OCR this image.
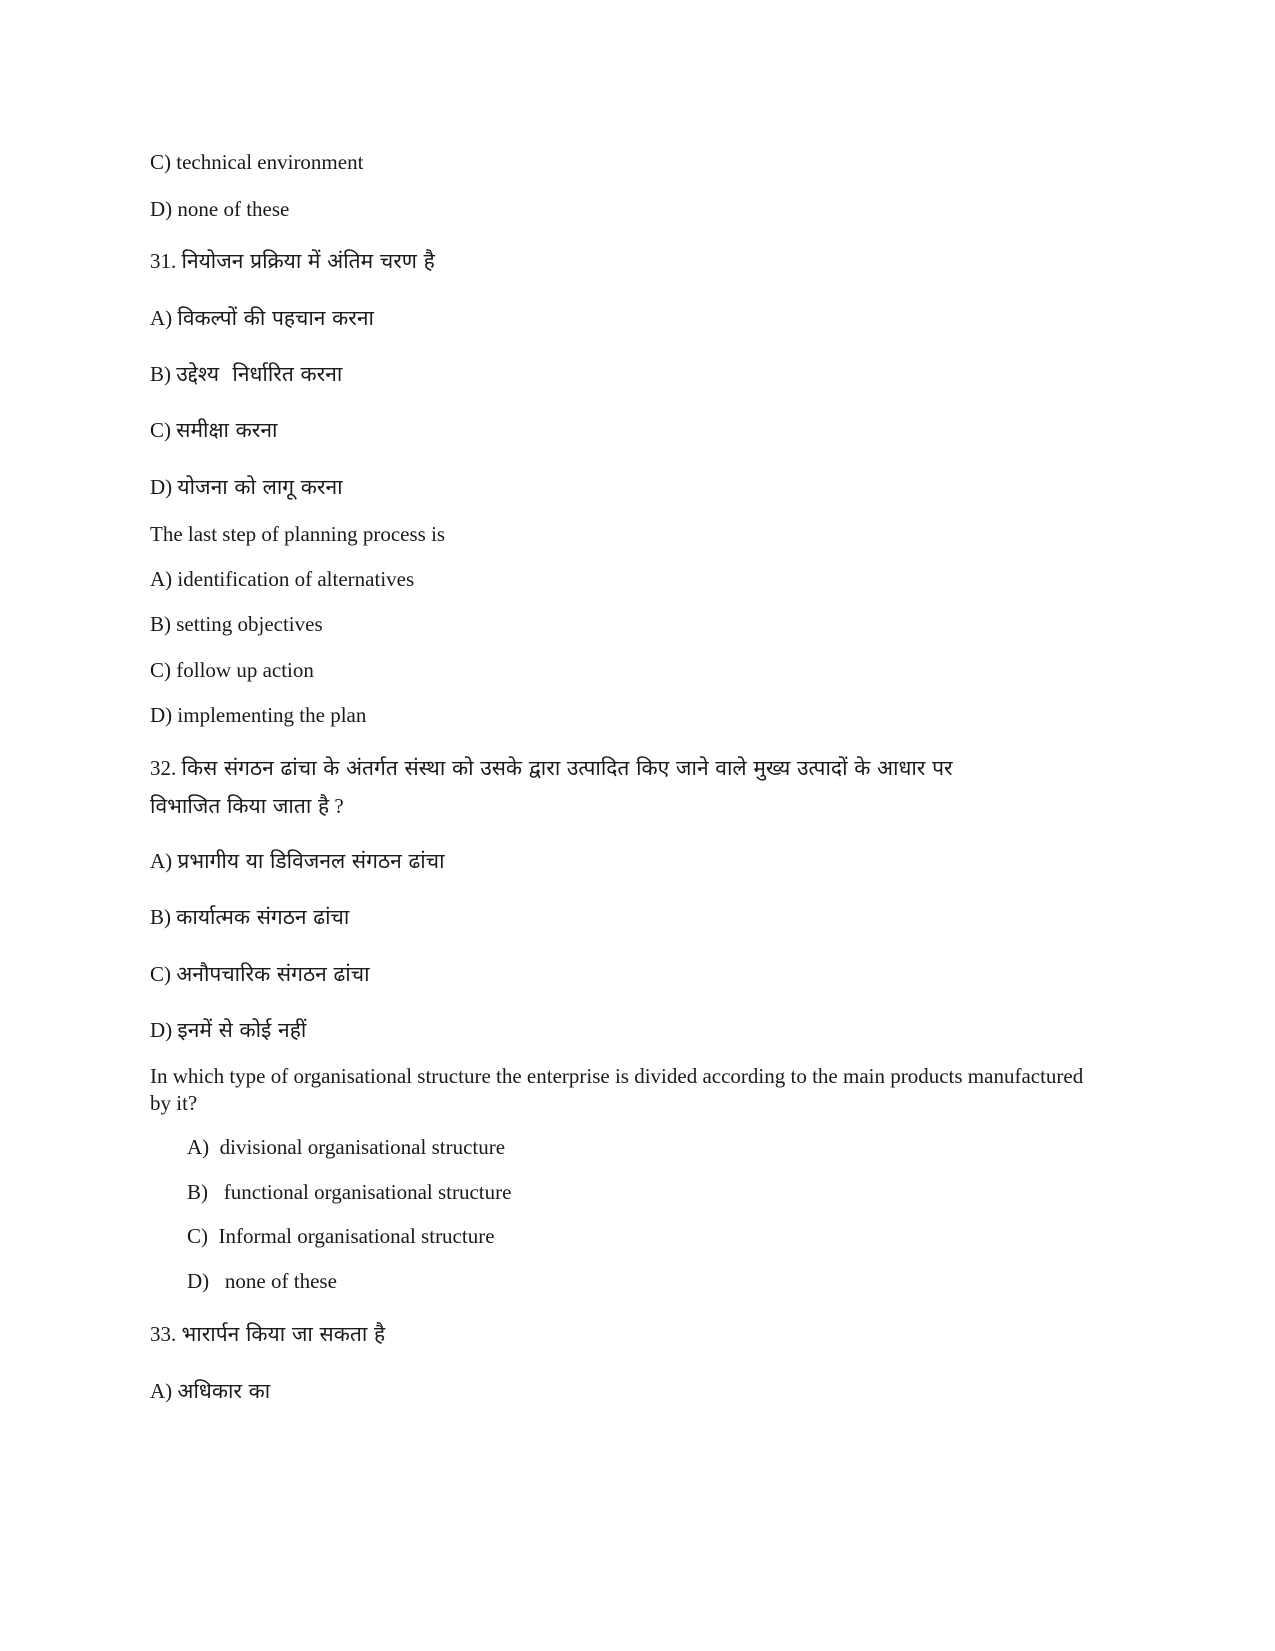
C) technical environment
D) none of these
31. नियोजन प्रक्रिया में अंतिम चरण है
A) विकल्पों की पहचान करना
B) उद्देश्य  निर्धारित करना
C) समीक्षा करना
D) योजना को लागू करना
The last step of planning process is
A) identification of alternatives
B) setting objectives
C) follow up action
D) implementing the plan
32. किस संगठन ढांचा के अंतर्गत संस्था को उसके द्वारा उत्पादित किए जाने वाले मुख्य उत्पादों के आधार पर
विभाजित किया जाता है ?
A) प्रभागीय या डिविजनल संगठन ढांचा
B) कार्यात्मक संगठन ढांचा
C) अनौपचारिक संगठन ढांचा
D) इनमें से कोई नहीं
In which type of organisational structure the enterprise is divided according to the main products manufactured by it?
A) divisional organisational structure
B) functional organisational structure
C) Informal organisational structure
D) none of these
33. भारार्पन किया जा सकता है
A) अधिकार का
